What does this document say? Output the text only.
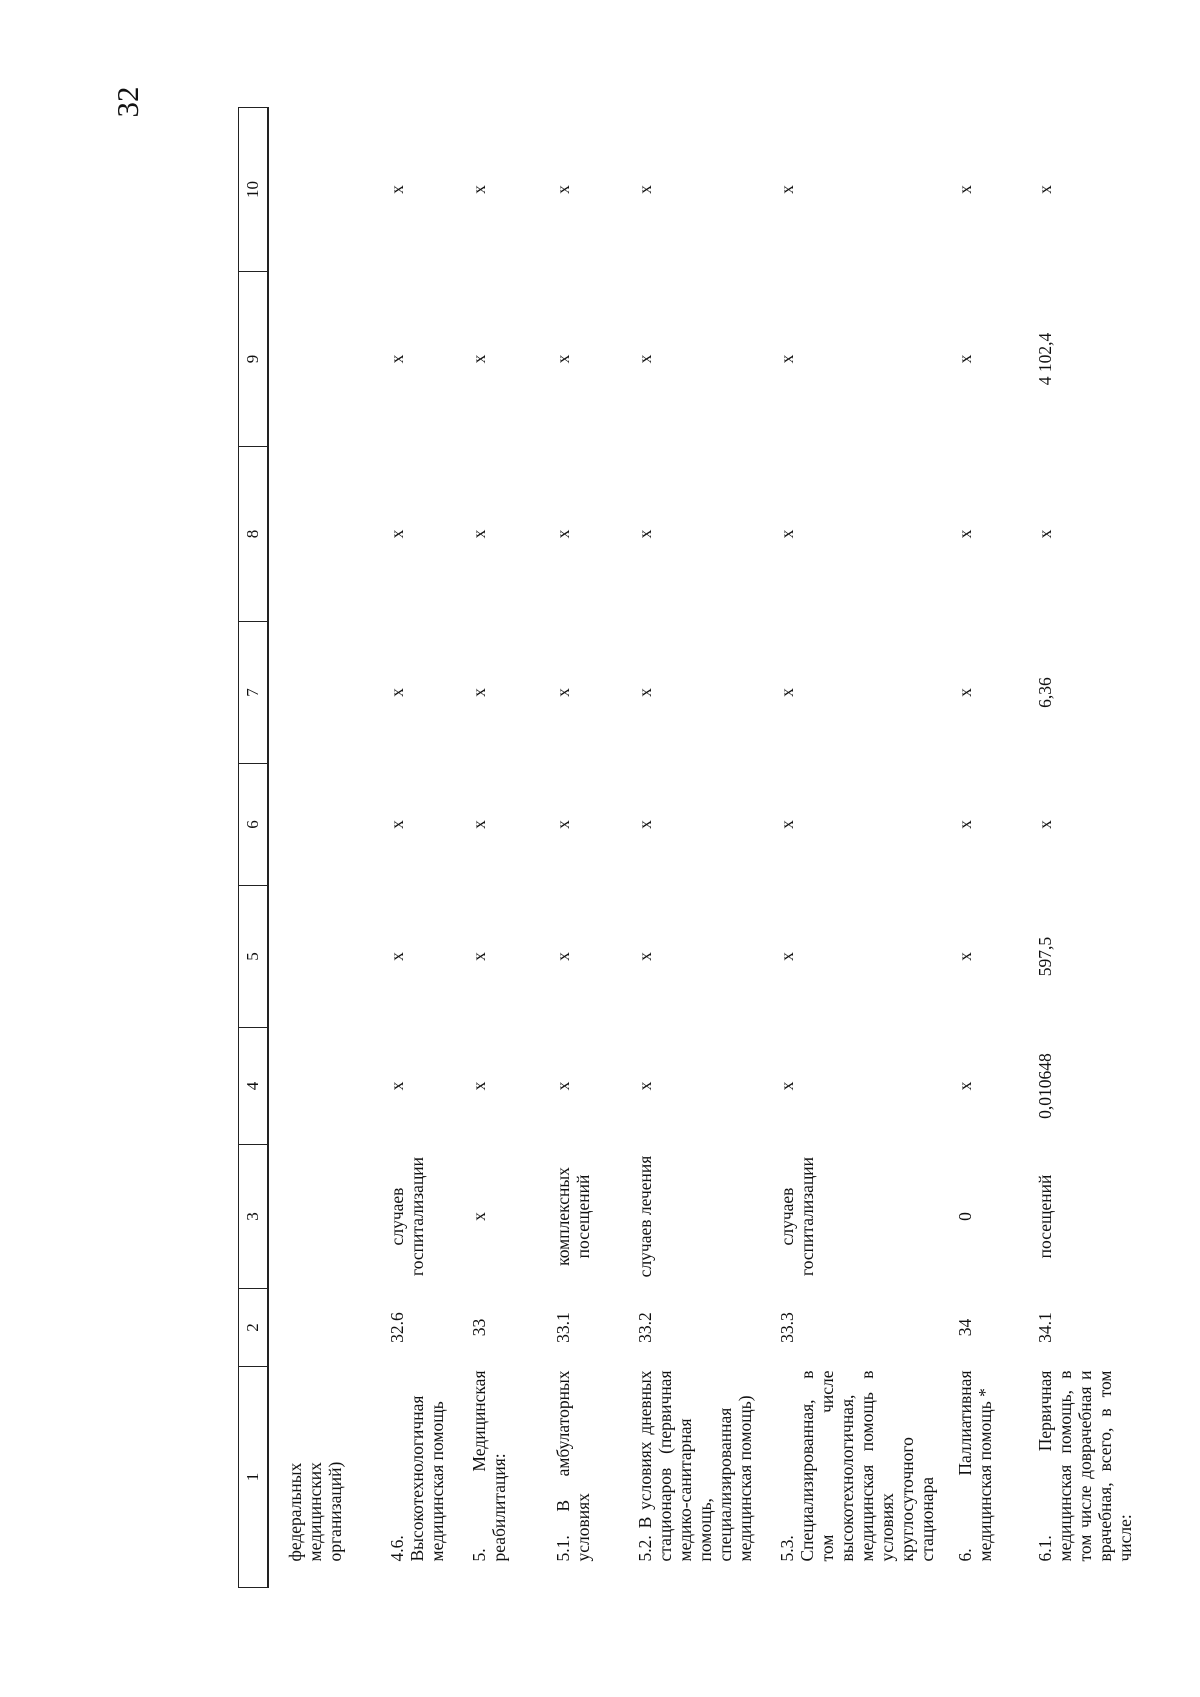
32
1	2	3	4	5	6	7	8	9	10
федеральных медицинских организаций)									
4.6. Высокотехнологичная медицинская помощь	32.6	случаев госпитализации	x	x	x	x	x	x	x
5. Медицинская реабилитация:	33	x	x	x	x	x	x	x	x
5.1. В амбулаторных условиях	33.1	комплексных посещений	x	x	x	x	x	x	x
5.2. В условиях дневных стационаров (первичная медико-санитарная помощь, специализированная медицинская помощь)	33.2	случаев лечения	x	x	x	x	x	x	x
5.3. Специализированная, в том числе высокотехнологичная, медицинская помощь в условиях круглосуточного стационара	33.3	случаев госпитализации	x	x	x	x	x	x	x
6. Паллиативная медицинская помощь *	34	0	x	x	x	x	x	x	x
6.1. Первичная медицинская помощь, в том числе доврачебная и врачебная, всего, в том числе:	34.1	посещений	0,010648	597,5	x	6,36	x	4 102,4	x
